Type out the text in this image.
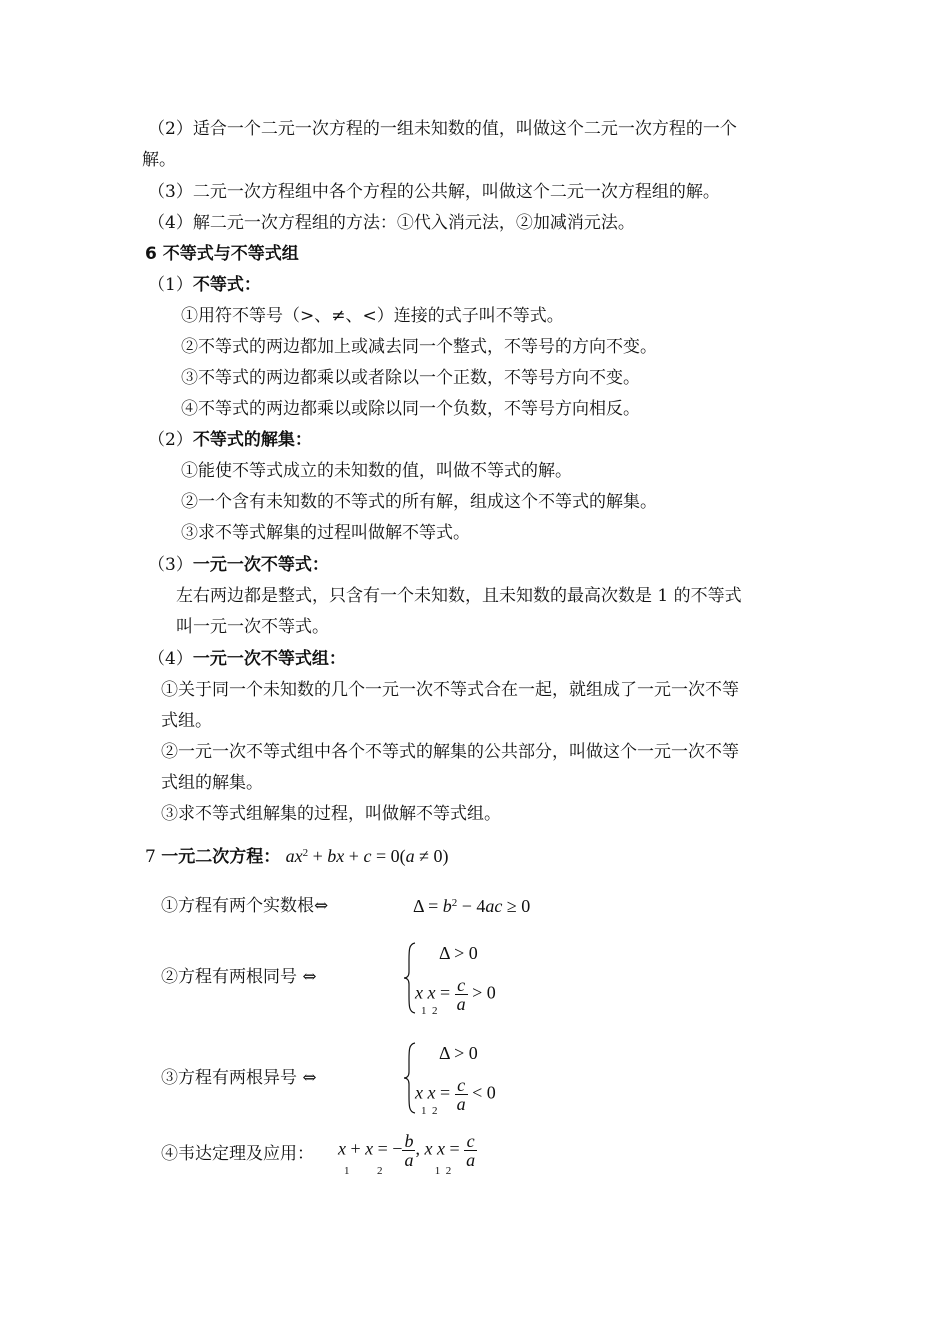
（2）适合一个二元一次方程的一组未知数的值，叫做这个二元一次方程的一个
解。
（3）二元一次方程组中各个方程的公共解，叫做这个二元一次方程组的解。
（4）解二元一次方程组的方法：①代入消元法，②加减消元法。
6 不等式与不等式组
（1）不等式：
①用符不等号（>、≠、<）连接的式子叫不等式。
②不等式的两边都加上或减去同一个整式，不等号的方向不变。
③不等式的两边都乘以或者除以一个正数，不等号方向不变。
④不等式的两边都乘以或除以同一个负数，不等号方向相反。
（2）不等式的解集：
①能使不等式成立的未知数的值，叫做不等式的解。
②一个含有未知数的不等式的所有解，组成这个不等式的解集。
③求不等式解集的过程叫做解不等式。
（3）一元一次不等式：
左右两边都是整式，只含有一个未知数，且未知数的最高次数是 1 的不等式
叫一元一次不等式。
（4）一元一次不等式组：
①关于同一个未知数的几个一元一次不等式合在一起，就组成了一元一次不等
式组。
②一元一次不等式组中各个不等式的解集的公共部分，叫做这个一元一次不等
式组的解集。
③求不等式组解集的过程，叫做解不等式组。
7 一元二次方程： $ax^2$ + bx + c = 0(a ≠ 0)
①方程有两个实数根⇔	$\Delta = b^2 - 4ac \ge 0$
②方程有两根同号 ⇔
Δ > 0
x $x = \frac{c}{a} > 0$
1  2
③方程有两根异号 ⇔
Δ > 0
x $x = \frac{c}{a} < 0$
1  2
④韦达定理及应用： x + x = − $\frac{b}{a}$ , x $x = \frac{c}{a}$
1          2                   1  2
